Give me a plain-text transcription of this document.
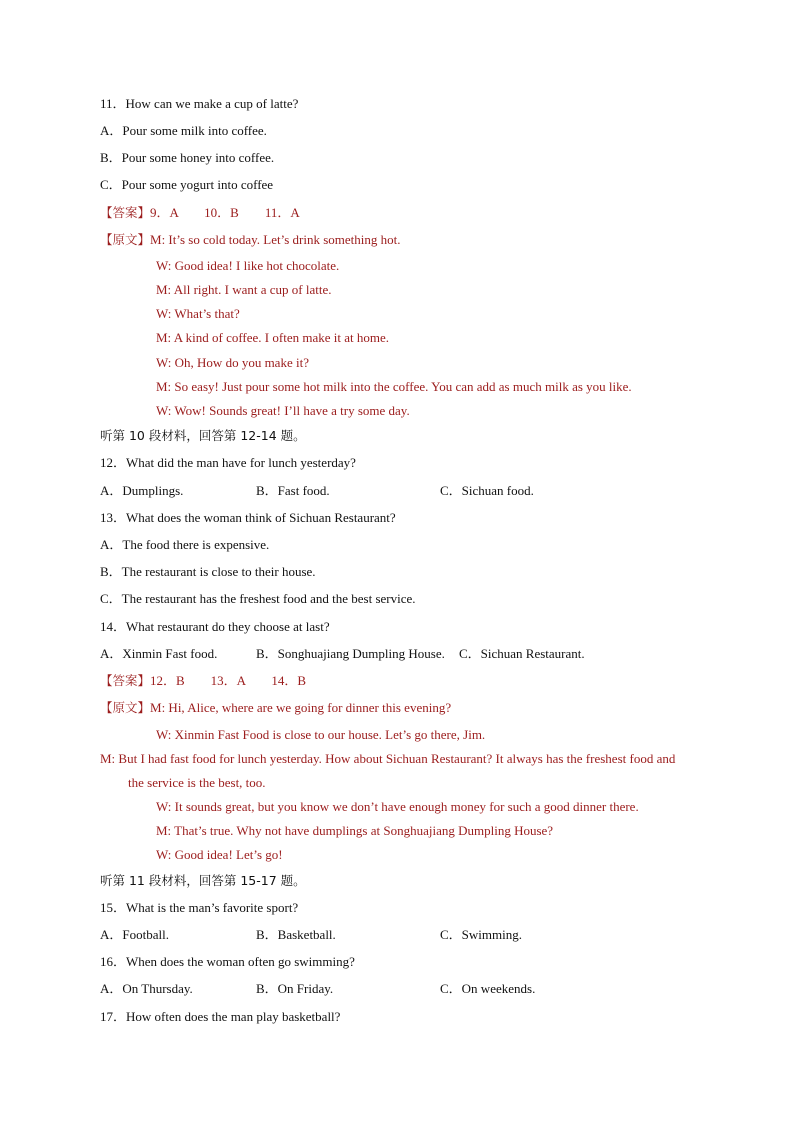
11．How can we make a cup of latte?
A．Pour some milk into coffee.
B．Pour some honey into coffee.
C．Pour some yogurt into coffee
【答案】9．A　　10．B　　11．A
【原文】M: It’s so cold today. Let’s drink something hot.
W: Good idea! I like hot chocolate.
M: All right. I want a cup of latte.
W: What’s that?
M: A kind of coffee. I often make it at home.
W: Oh, How do you make it?
M: So easy! Just pour some hot milk into the coffee. You can add as much milk as you like.
W: Wow! Sounds great! I’ll have a try some day.
听第 10 段材料，回答第 12-14 题。
12．What did the man have for lunch yesterday?
A．Dumplings.	B．Fast food.	C．Sichuan food.
13．What does the woman think of Sichuan Restaurant?
A．The food there is expensive.
B．The restaurant is close to their house.
C．The restaurant has the freshest food and the best service.
14．What restaurant do they choose at last?
A．Xinmin Fast food.	B．Songhuajiang Dumpling House. C．Sichuan Restaurant.
【答案】12．B　　13．A　　14．B
【原文】M: Hi, Alice, where are we going for dinner this evening?
W: Xinmin Fast Food is close to our house. Let’s go there, Jim.
M: But I had fast food for lunch yesterday. How about Sichuan Restaurant? It always has the freshest food and
the service is the best, too.
W: It sounds great, but you know we don’t have enough money for such a good dinner there.
M: That’s true. Why not have dumplings at Songhuajiang Dumpling House?
W: Good idea! Let’s go!
听第 11 段材料，回答第 15-17 题。
15．What is the man’s favorite sport?
A．Football.	B．Basketball.	C．Swimming.
16．When does the woman often go swimming?
A．On Thursday.	B．On Friday.	C．On weekends.
17．How often does the man play basketball?
